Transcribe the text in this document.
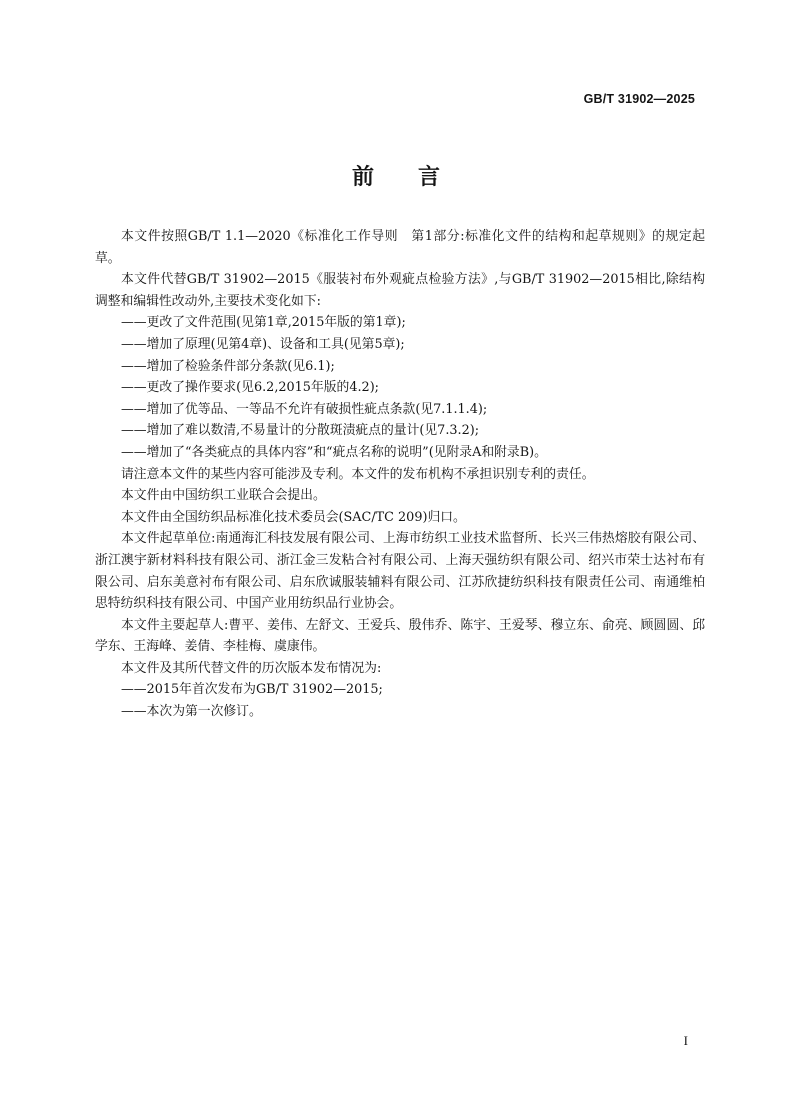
GB/T 31902—2025
前言

本文件按照GB/T 1.1—2020《标准化工作导则　第1部分:标准化文件的结构和起草规则》的规定起草。

本文件代替GB/T 31902—2015《服装衬布外观疵点检验方法》,与GB/T 31902—2015相比,除结构调整和编辑性改动外,主要技术变化如下:

——更改了文件范围(见第1章,2015年版的第1章);

——增加了原理(见第4章)、设备和工具(见第5章);

——增加了检验条件部分条款(见6.1);

——更改了操作要求(见6.2,2015年版的4.2);

——增加了优等品、一等品不允许有破损性疵点条款(见7.1.1.4);

——增加了难以数清,不易量计的分散斑渍疵点的量计(见7.3.2);

——增加了“各类疵点的具体内容”和“疵点名称的说明”(见附录A和附录B)。

请注意本文件的某些内容可能涉及专利。本文件的发布机构不承担识别专利的责任。

本文件由中国纺织工业联合会提出。

本文件由全国纺织品标准化技术委员会(SAC/TC 209)归口。

本文件起草单位:南通海汇科技发展有限公司、上海市纺织工业技术监督所、长兴三伟热熔胶有限公司、浙江澳宇新材料科技有限公司、浙江金三发粘合衬有限公司、上海天强纺织有限公司、绍兴市荣士达衬布有限公司、启东美意衬布有限公司、启东欣诚服装辅料有限公司、江苏欣捷纺织科技有限责任公司、南通维柏思特纺织科技有限公司、中国产业用纺织品行业协会。

本文件主要起草人:曹平、姜伟、左舒文、王爱兵、殷伟乔、陈宇、王爱琴、穆立东、俞亮、顾圆圆、邱学东、王海峰、姜倩、李桂梅、虞康伟。

本文件及其所代替文件的历次版本发布情况为:

——2015年首次发布为GB/T 31902—2015;

——本次为第一次修订。

I
